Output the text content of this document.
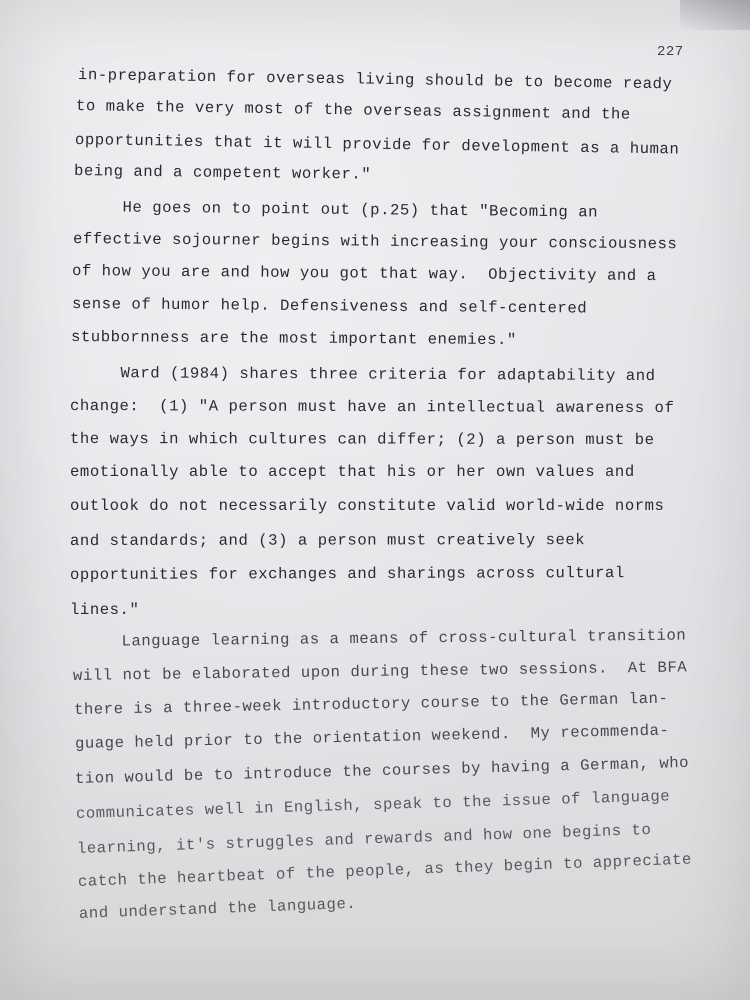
227
in-preparation for overseas living should be to become ready
to make the very most of the overseas assignment and the
opportunities that it will provide for development as a human
being and a competent worker."
He goes on to point out (p.25) that "Becoming an
effective sojourner begins with increasing your consciousness
of how you are and how you got that way.  Objectivity and a
sense of humor help. Defensiveness and self-centered
stubbornness are the most important enemies."
Ward (1984) shares three criteria for adaptability and
change:  (1) "A person must have an intellectual awareness of
the ways in which cultures can differ; (2) a person must be
emotionally able to accept that his or her own values and
outlook do not necessarily constitute valid world-wide norms
and standards; and (3) a person must creatively seek
opportunities for exchanges and sharings across cultural
lines."
Language learning as a means of cross-cultural transition
will not be elaborated upon during these two sessions.  At BFA
there is a three-week introductory course to the German lan-
guage held prior to the orientation weekend.  My recommenda-
tion would be to introduce the courses by having a German, who
communicates well in English, speak to the issue of language
learning, it's struggles and rewards and how one begins to
catch the heartbeat of the people, as they begin to appreciate
and understand the language.
